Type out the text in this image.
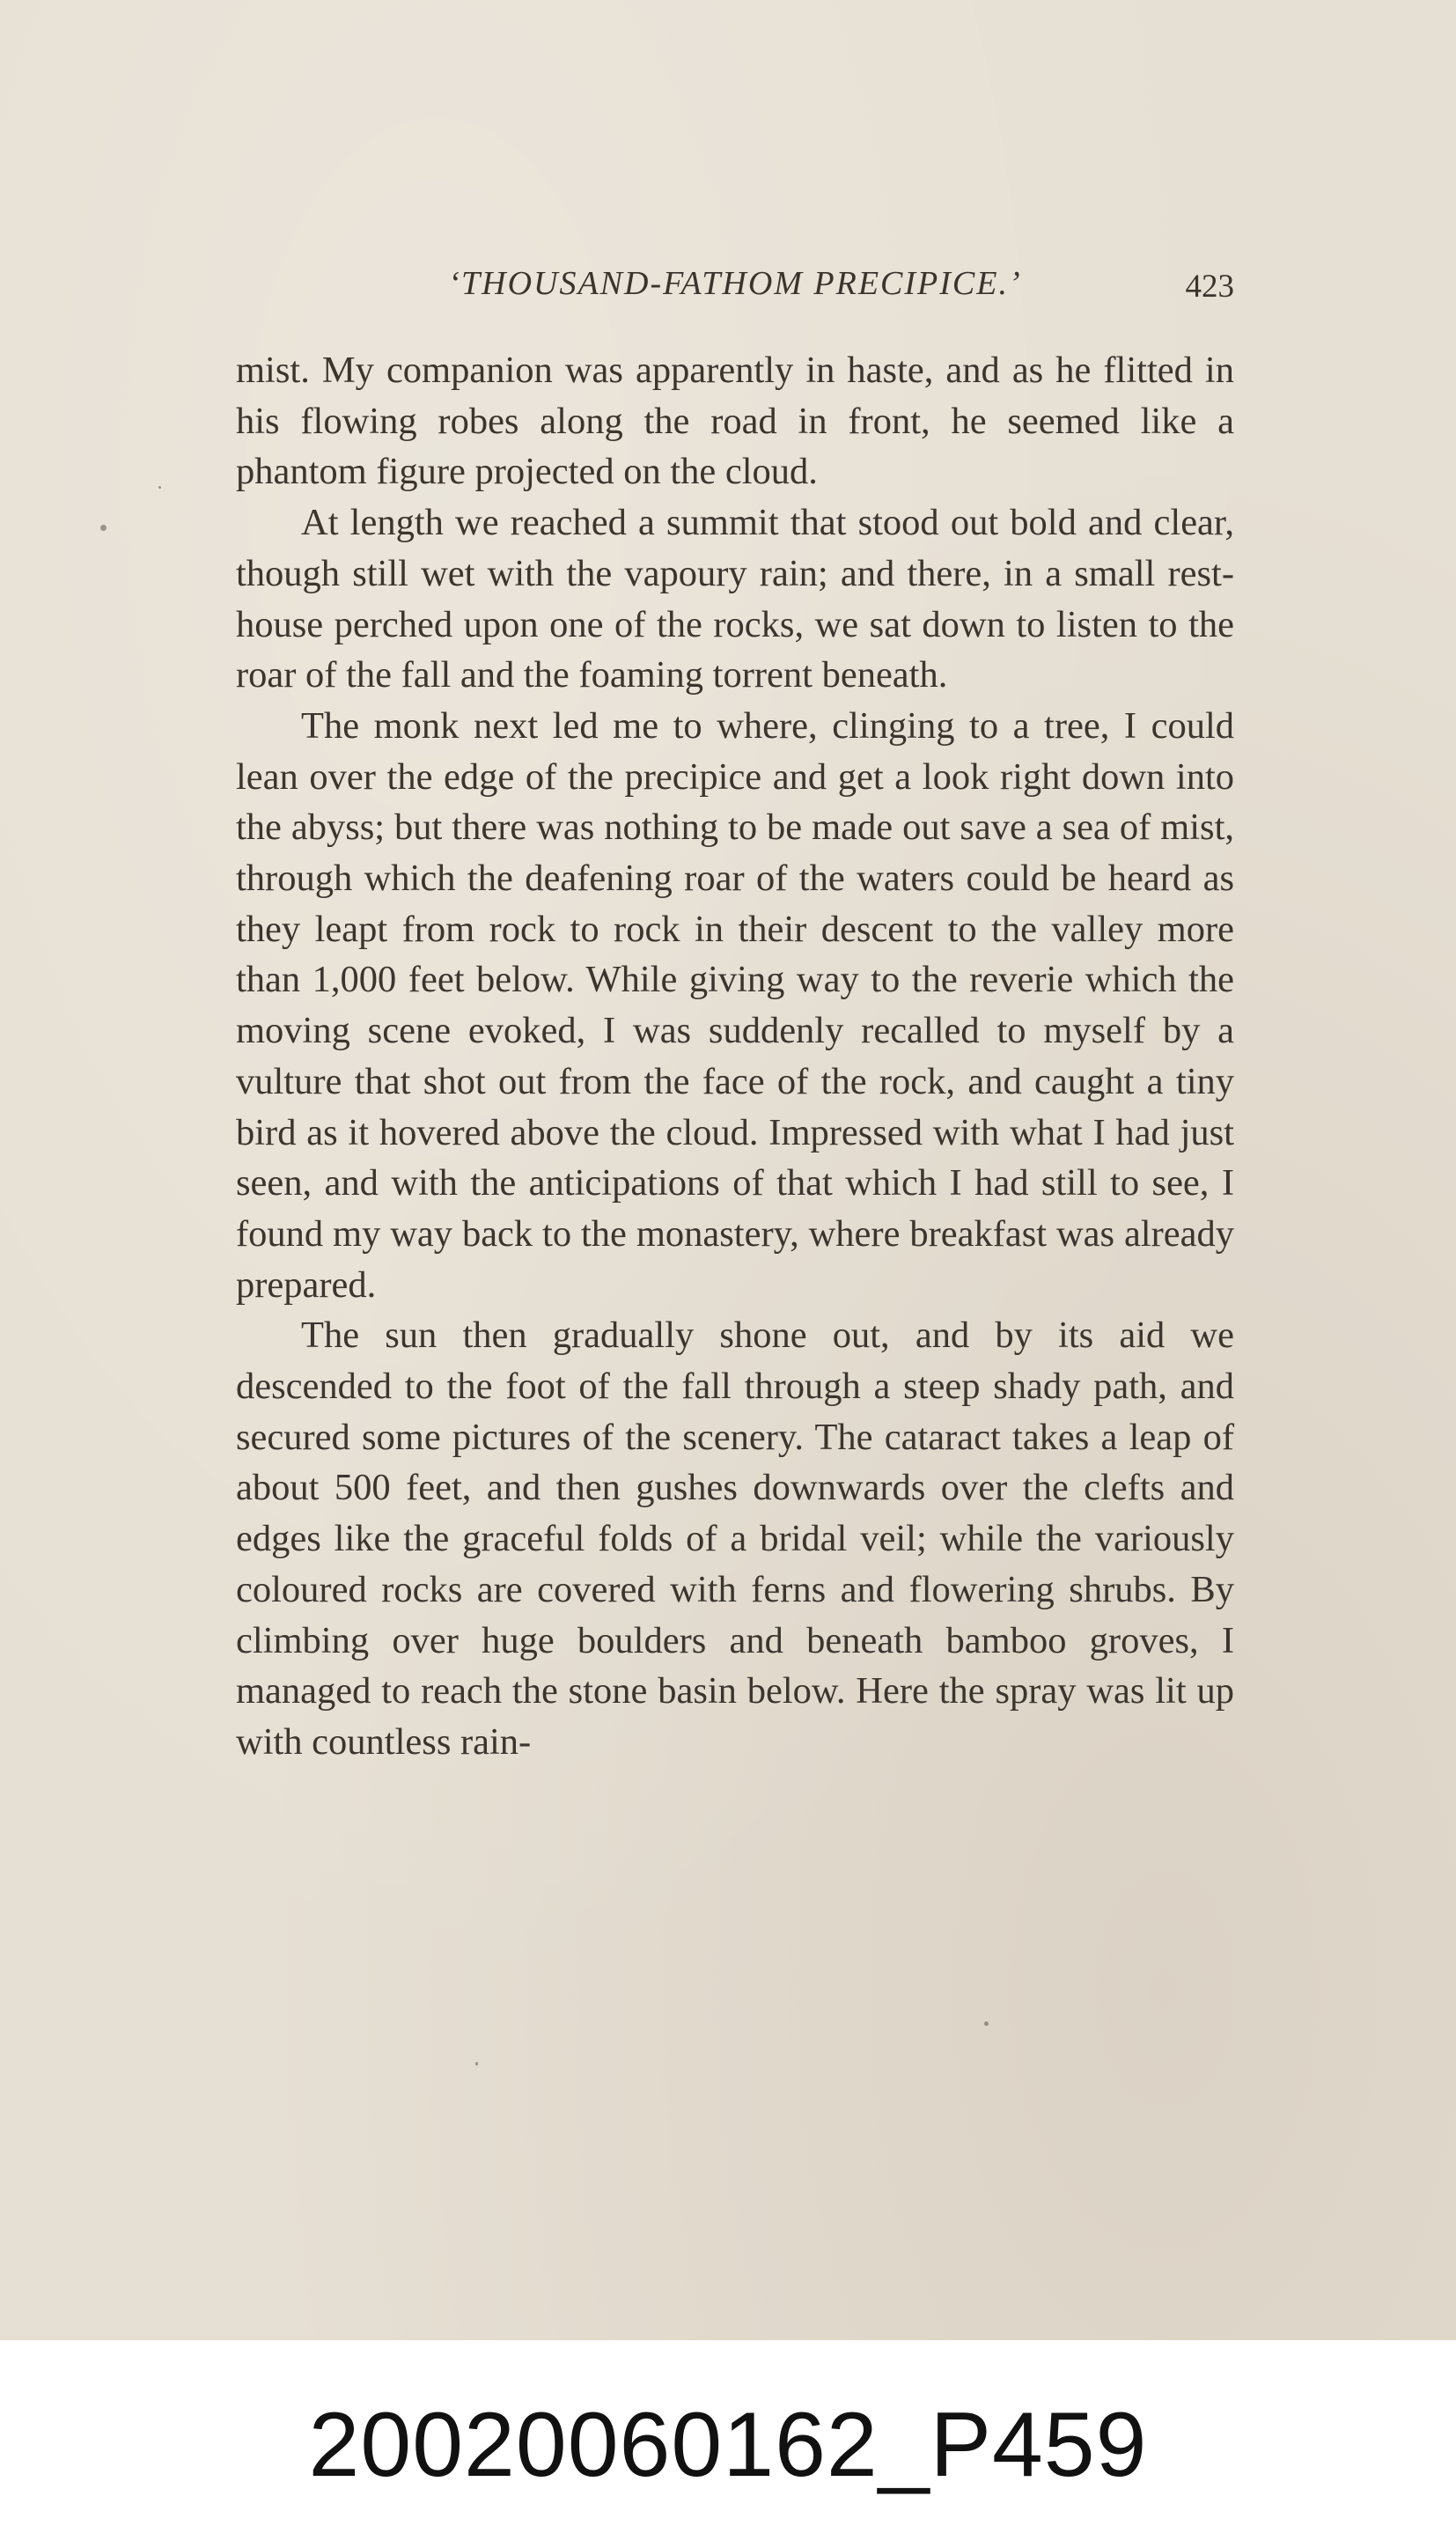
‘THOUSAND-FATHOM PRECIPICE.’	423

mist. My companion was apparently in haste, and as he flitted in his flowing robes along the road in front, he seemed like a phantom figure projected on the cloud.

At length we reached a summit that stood out bold and clear, though still wet with the vapoury rain; and there, in a small rest-house perched upon one of the rocks, we sat down to listen to the roar of the fall and the foaming torrent beneath.

The monk next led me to where, clinging to a tree, I could lean over the edge of the precipice and get a look right down into the abyss; but there was nothing to be made out save a sea of mist, through which the deafening roar of the waters could be heard as they leapt from rock to rock in their descent to the valley more than 1,000 feet below. While giving way to the reverie which the moving scene evoked, I was suddenly recalled to myself by a vulture that shot out from the face of the rock, and caught a tiny bird as it hovered above the cloud. Impressed with what I had just seen, and with the anticipations of that which I had still to see, I found my way back to the monastery, where breakfast was already prepared.

The sun then gradually shone out, and by its aid we descended to the foot of the fall through a steep shady path, and secured some pictures of the scenery. The cataract takes a leap of about 500 feet, and then gushes downwards over the clefts and edges like the graceful folds of a bridal veil; while the variously coloured rocks are covered with ferns and flowering shrubs. By climbing over huge boulders and beneath bamboo groves, I managed to reach the stone basin below. Here the spray was lit up with countless rain-

20020060162_P459
